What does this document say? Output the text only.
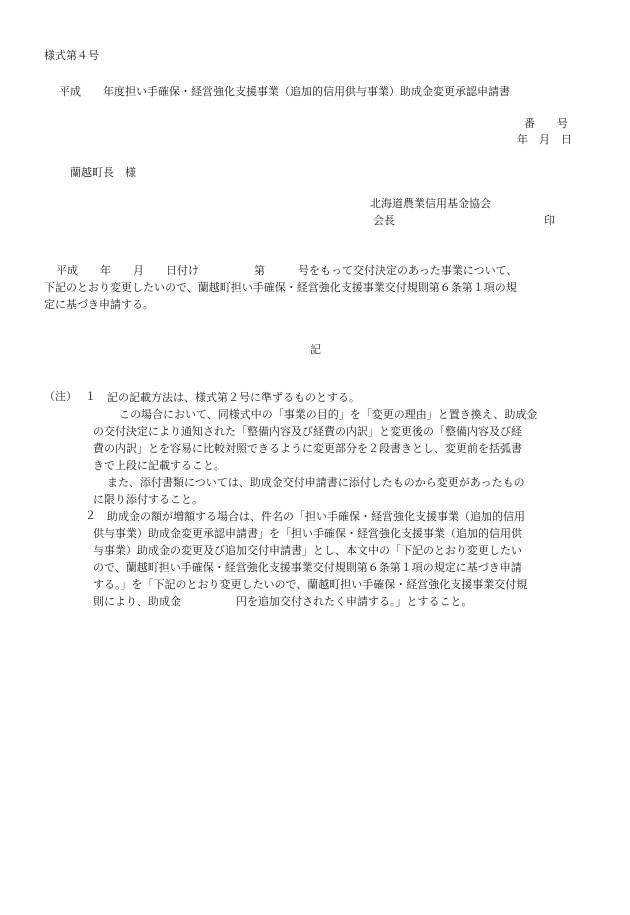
様式第４号
平成　　年度担い手確保・経営強化支援事業（追加的信用供与事業）助成金変更承認申請書
番　　号
年　月　日
蘭越町長　様
北海道農業信用基金協会
会長	印
平成　　年　　月　　日付け　　　　　第　　　号をもって交付決定のあった事業について、
下記のとおり変更したいので、蘭越町担い手確保・経営強化支援事業交付規則第６条第１項の規
定に基づき申請する。
記
（注） １	記の記載方法は、様式第２号に準ずるものとする。
この場合において、同様式中の「事業の目的」を「変更の理由」と置き換え、助成金
の交付決定により通知された「整備内容及び経費の内訳」と変更後の「整備内容及び経
費の内訳」とを容易に比較対照できるように変更部分を２段書きとし、変更前を括弧書
きで上段に記載すること。
また、添付書類については、助成金交付申請書に添付したものから変更があったもの
に限り添付すること。
２	助成金の額が増額する場合は、件名の「担い手確保・経営強化支援事業（追加的信用
供与事業）助成金変更承認申請書」を「担い手確保・経営強化支援事業（追加的信用供
与事業）助成金の変更及び追加交付申請書」とし、本文中の「下記のとおり変更したい
ので、蘭越町担い手確保・経営強化支援事業交付規則第６条第１項の規定に基づき申請
する。」を「下記のとおり変更したいので、蘭越町担い手確保・経営強化支援事業交付規
則により、助成金　　　　　円を追加交付されたく申請する。」とすること。
